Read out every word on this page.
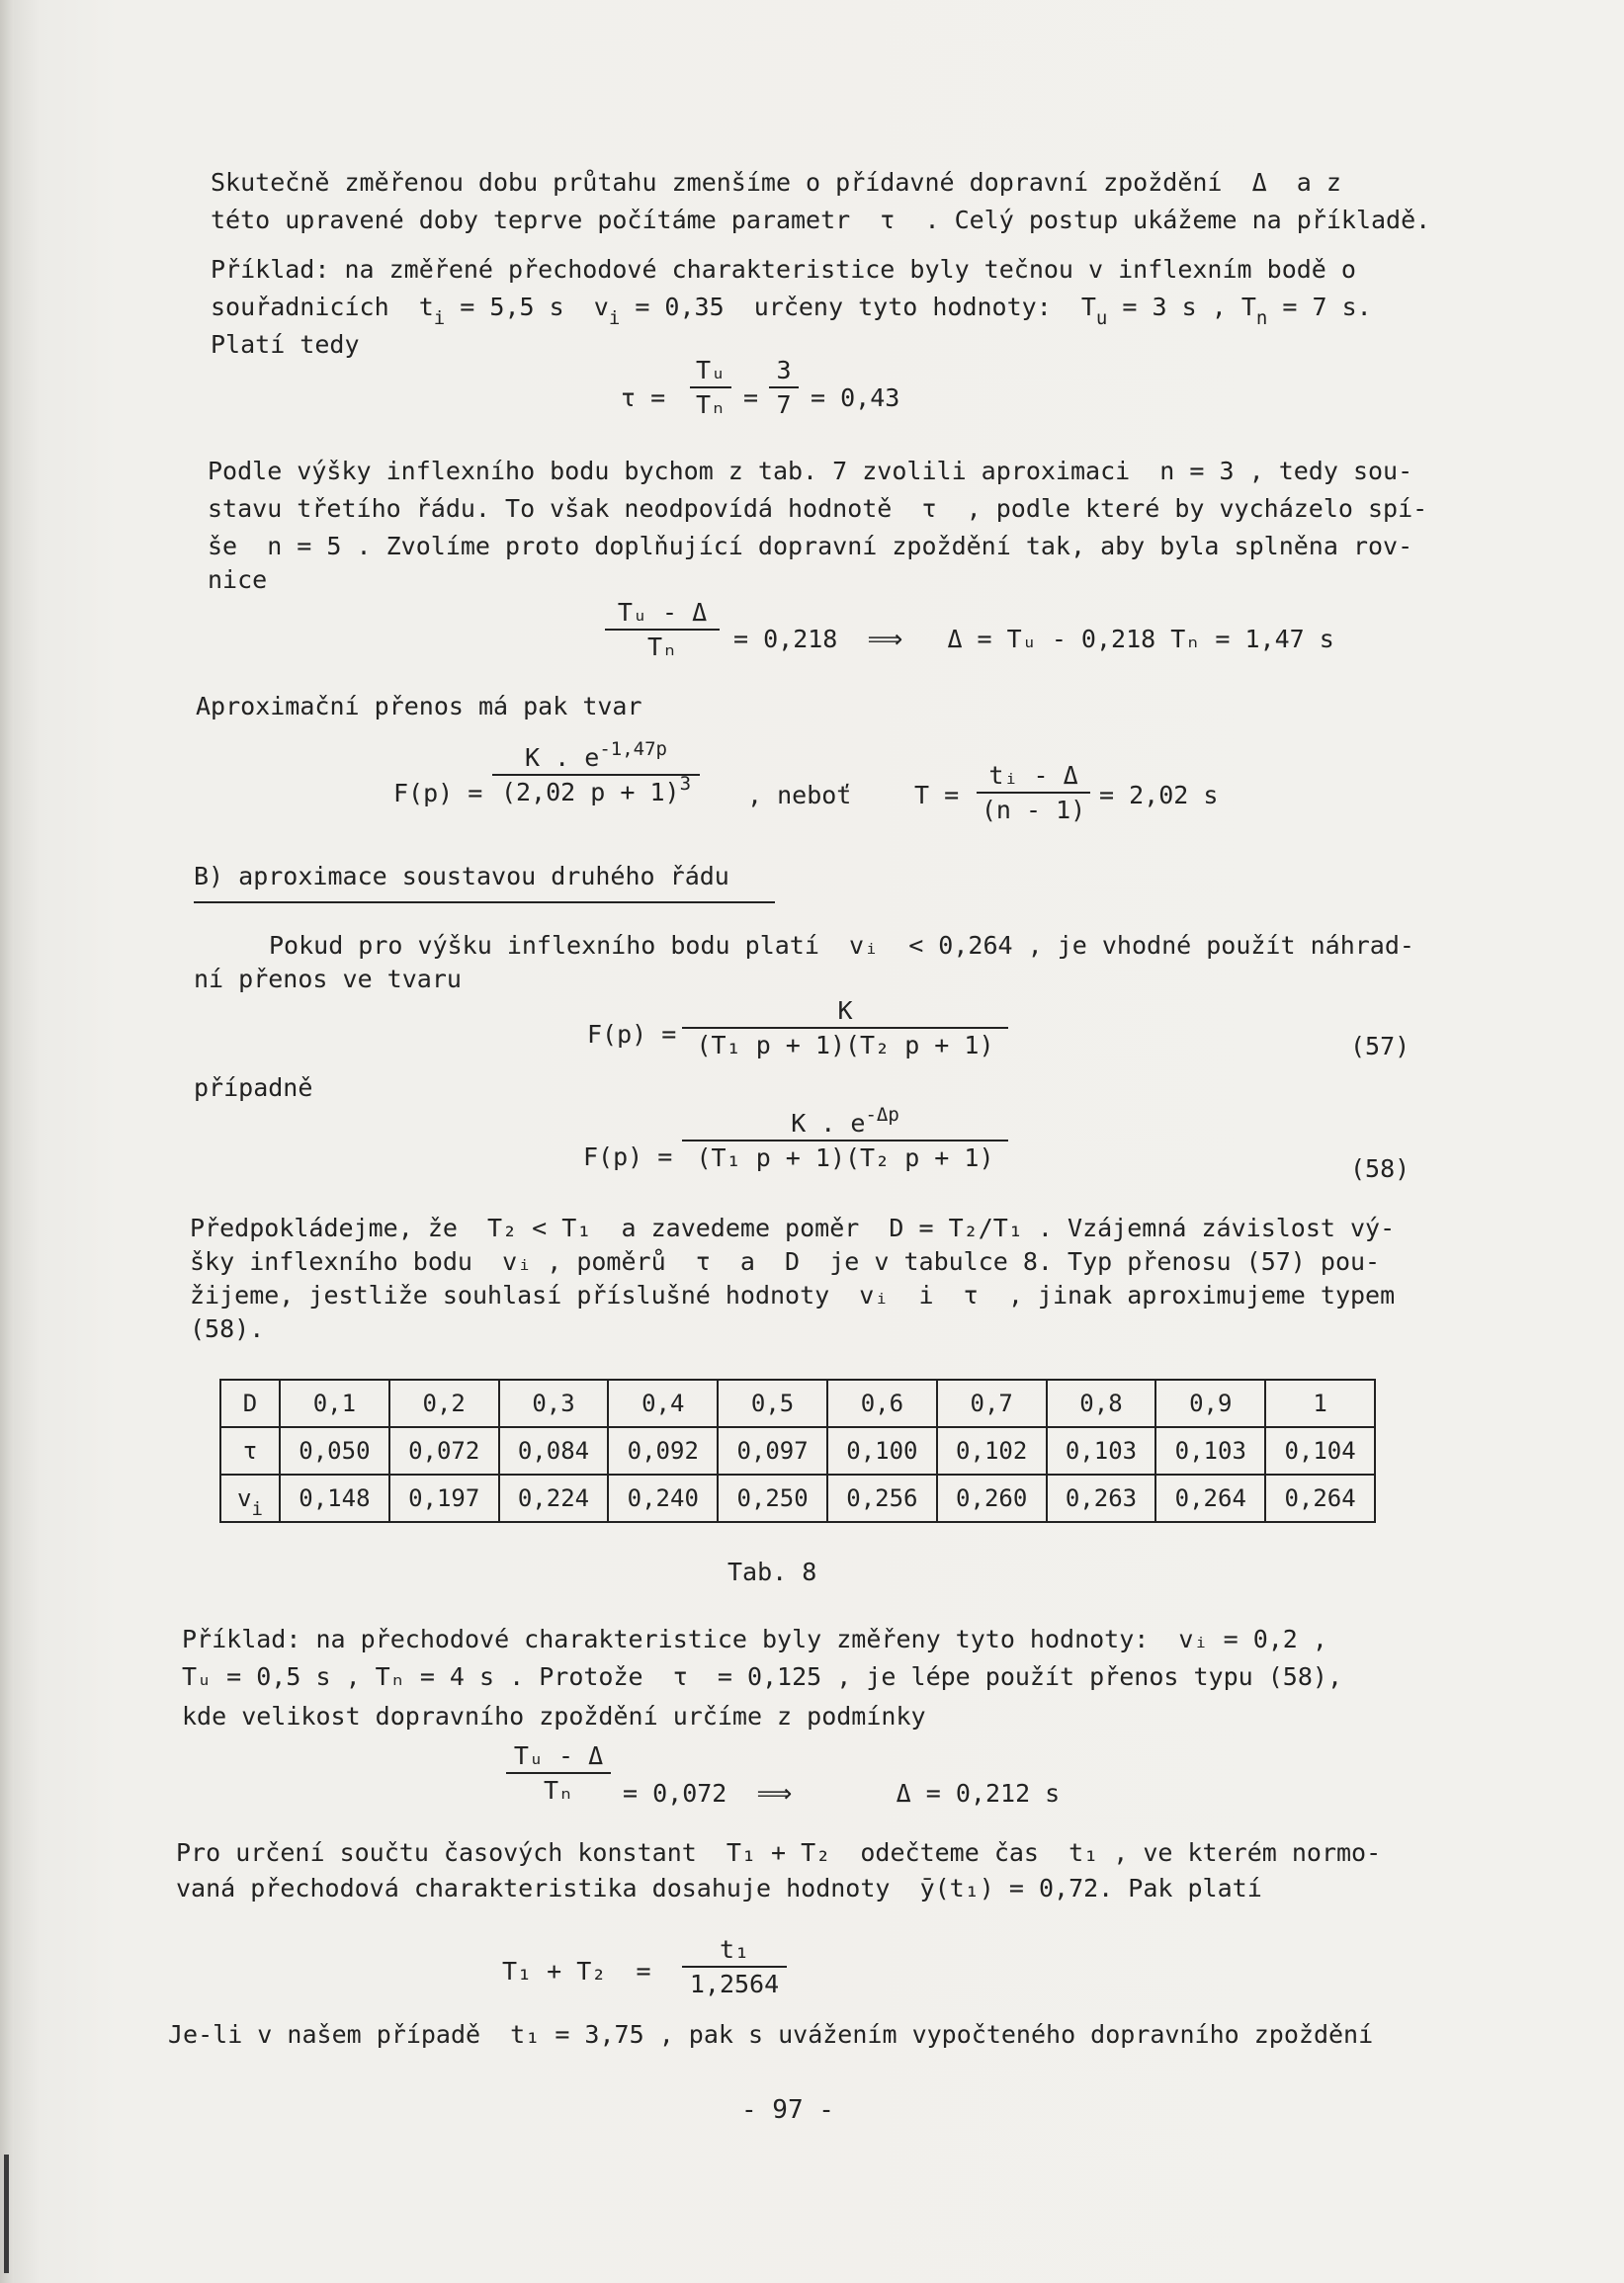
Skutečně změřenou dobu průtahu zmenšíme o přídavné dopravní zpoždění  Δ  a z
této upravené doby teprve počítáme parametr  τ  . Celý postup ukážeme na příkladě.
Příklad: na změřené přechodové charakteristice byly tečnou v inflexním bodě o
souřadnicích  $t_i = 5,5$ s  $v_i = 0,35$  určeny tyto hodnoty:  $T_u = 3$ s , $T_n = 7$ s.
Platí tedy
τ =
Tᵤ
Tₙ =
3
7 = 0,43
Podle výšky inflexního bodu bychom z tab. 7 zvolili aproximaci  n = 3 , tedy sou-
stavu třetího řádu. To však neodpovídá hodnotě  τ  , podle které by vycházelo spí-
še  n = 5 . Zvolíme proto doplňující dopravní zpoždění tak, aby byla splněna rov-
nice
Tᵤ - Δ
Tₙ	= 0,218  ⟹   Δ = Tᵤ - 0,218 Tₙ = 1,47 s
Aproximační přenos má pak tvar
F(p) =
K . $e^{-1,47p}$
(2,02 p + 1)$^3$	, neboť	T =
tᵢ - Δ
(n - 1)
= 2,02 s
B) aproximace soustavou druhého řádu
Pokud pro výšku inflexního bodu platí  vᵢ  < 0,264 , je vhodné použít náhrad-
ní přenos ve tvaru
F(p) =
K
(T₁ p + 1)(T₂ p + 1)	(57)
případně
F(p) =
K . $e^{-\Delta p}$
(T₁ p + 1)(T₂ p + 1)	(58)
Předpokládejme, že  T₂ < T₁  a zavedeme poměr  D = T₂/T₁ . Vzájemná závislost vý-
šky inflexního bodu  vᵢ , poměrů  τ  a  D  je v tabulce 8. Typ přenosu (57) pou-
žijeme, jestliže souhlasí příslušné hodnoty  vᵢ  i  τ  , jinak aproximujeme typem
(58).
D	0,1	0,2	0,3	0,4	0,5	0,6	0,7	0,8	0,9	1
τ	0,050	0,072	0,084	0,092	0,097	0,100	0,102	0,103	0,103	0,104
$v_i$	0,148	0,197	0,224	0,240	0,250	0,256	0,260	0,263	0,264	0,264
Tab. 8
Příklad: na přechodové charakteristice byly změřeny tyto hodnoty:  vᵢ = 0,2 ,
Tᵤ = 0,5 s , Tₙ = 4 s . Protože  τ  = 0,125 , je lépe použít přenos typu (58),
kde velikost dopravního zpoždění určíme z podmínky
Tᵤ - Δ
Tₙ	= 0,072  ⟹       Δ = 0,212 s
Pro určení součtu časových konstant  T₁ + T₂  odečteme čas  t₁ , ve kterém normo-
vaná přechodová charakteristika dosahuje hodnoty  ȳ(t₁) = 0,72. Pak platí
T₁ + T₂  =
t₁
1,2564
Je-li v našem případě  t₁ = 3,75 , pak s uvážením vypočteného dopravního zpoždění
- 97 -
